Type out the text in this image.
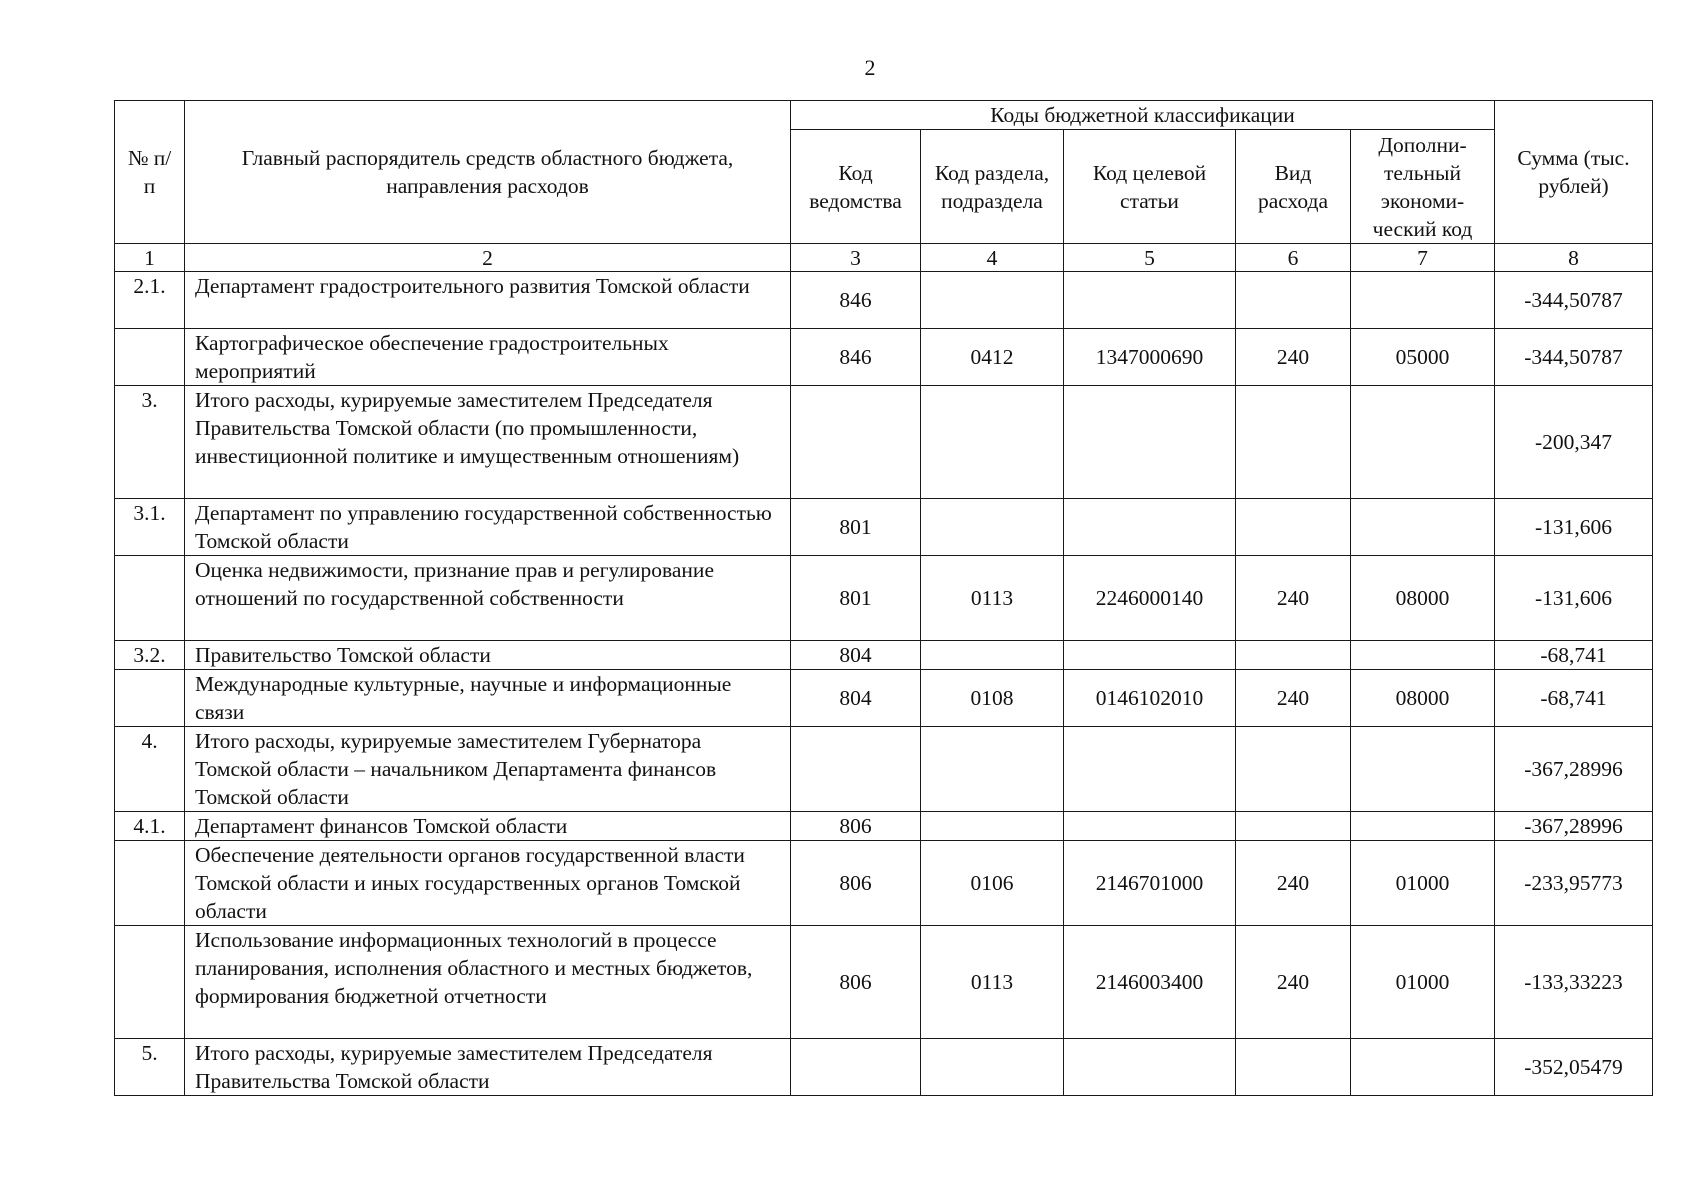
2
№ п/п	Главный распорядитель средств областного бюджета, направления расходов	Коды бюджетной классификации					Сумма (тыс. рублей)
		Код ведомства	Код раздела, подраздела	Код целевой статьи	Вид расхода	Дополни-тельный экономи-ческий код	
1	2	3	4	5	6	7	8
2.1.	Департамент градостроительного развития Томской области	846					-344,50787
	Картографическое обеспечение градостроительных мероприятий	846	0412	1347000690	240	05000	-344,50787
3.	Итого расходы, курируемые заместителем Председателя Правительства Томской области (по промышленности, инвестиционной политике и имущественным отношениям)						-200,347
3.1.	Департамент по управлению государственной собственностью Томской области	801					-131,606
	Оценка недвижимости, признание прав и регулирование отношений по государственной собственности	801	0113	2246000140	240	08000	-131,606
3.2.	Правительство Томской области	804					-68,741
	Международные культурные, научные и информационные связи	804	0108	0146102010	240	08000	-68,741
4.	Итого расходы, курируемые заместителем Губернатора Томской области – начальником Департамента финансов Томской области						-367,28996
4.1.	Департамент финансов Томской области	806					-367,28996
	Обеспечение деятельности органов государственной власти Томской области и иных государственных органов Томской области	806	0106	2146701000	240	01000	-233,95773
	Использование информационных технологий в процессе планирования, исполнения областного и местных бюджетов, формирования бюджетной отчетности	806	0113	2146003400	240	01000	-133,33223
5.	Итого расходы, курируемые заместителем Председателя Правительства Томской области						-352,05479
